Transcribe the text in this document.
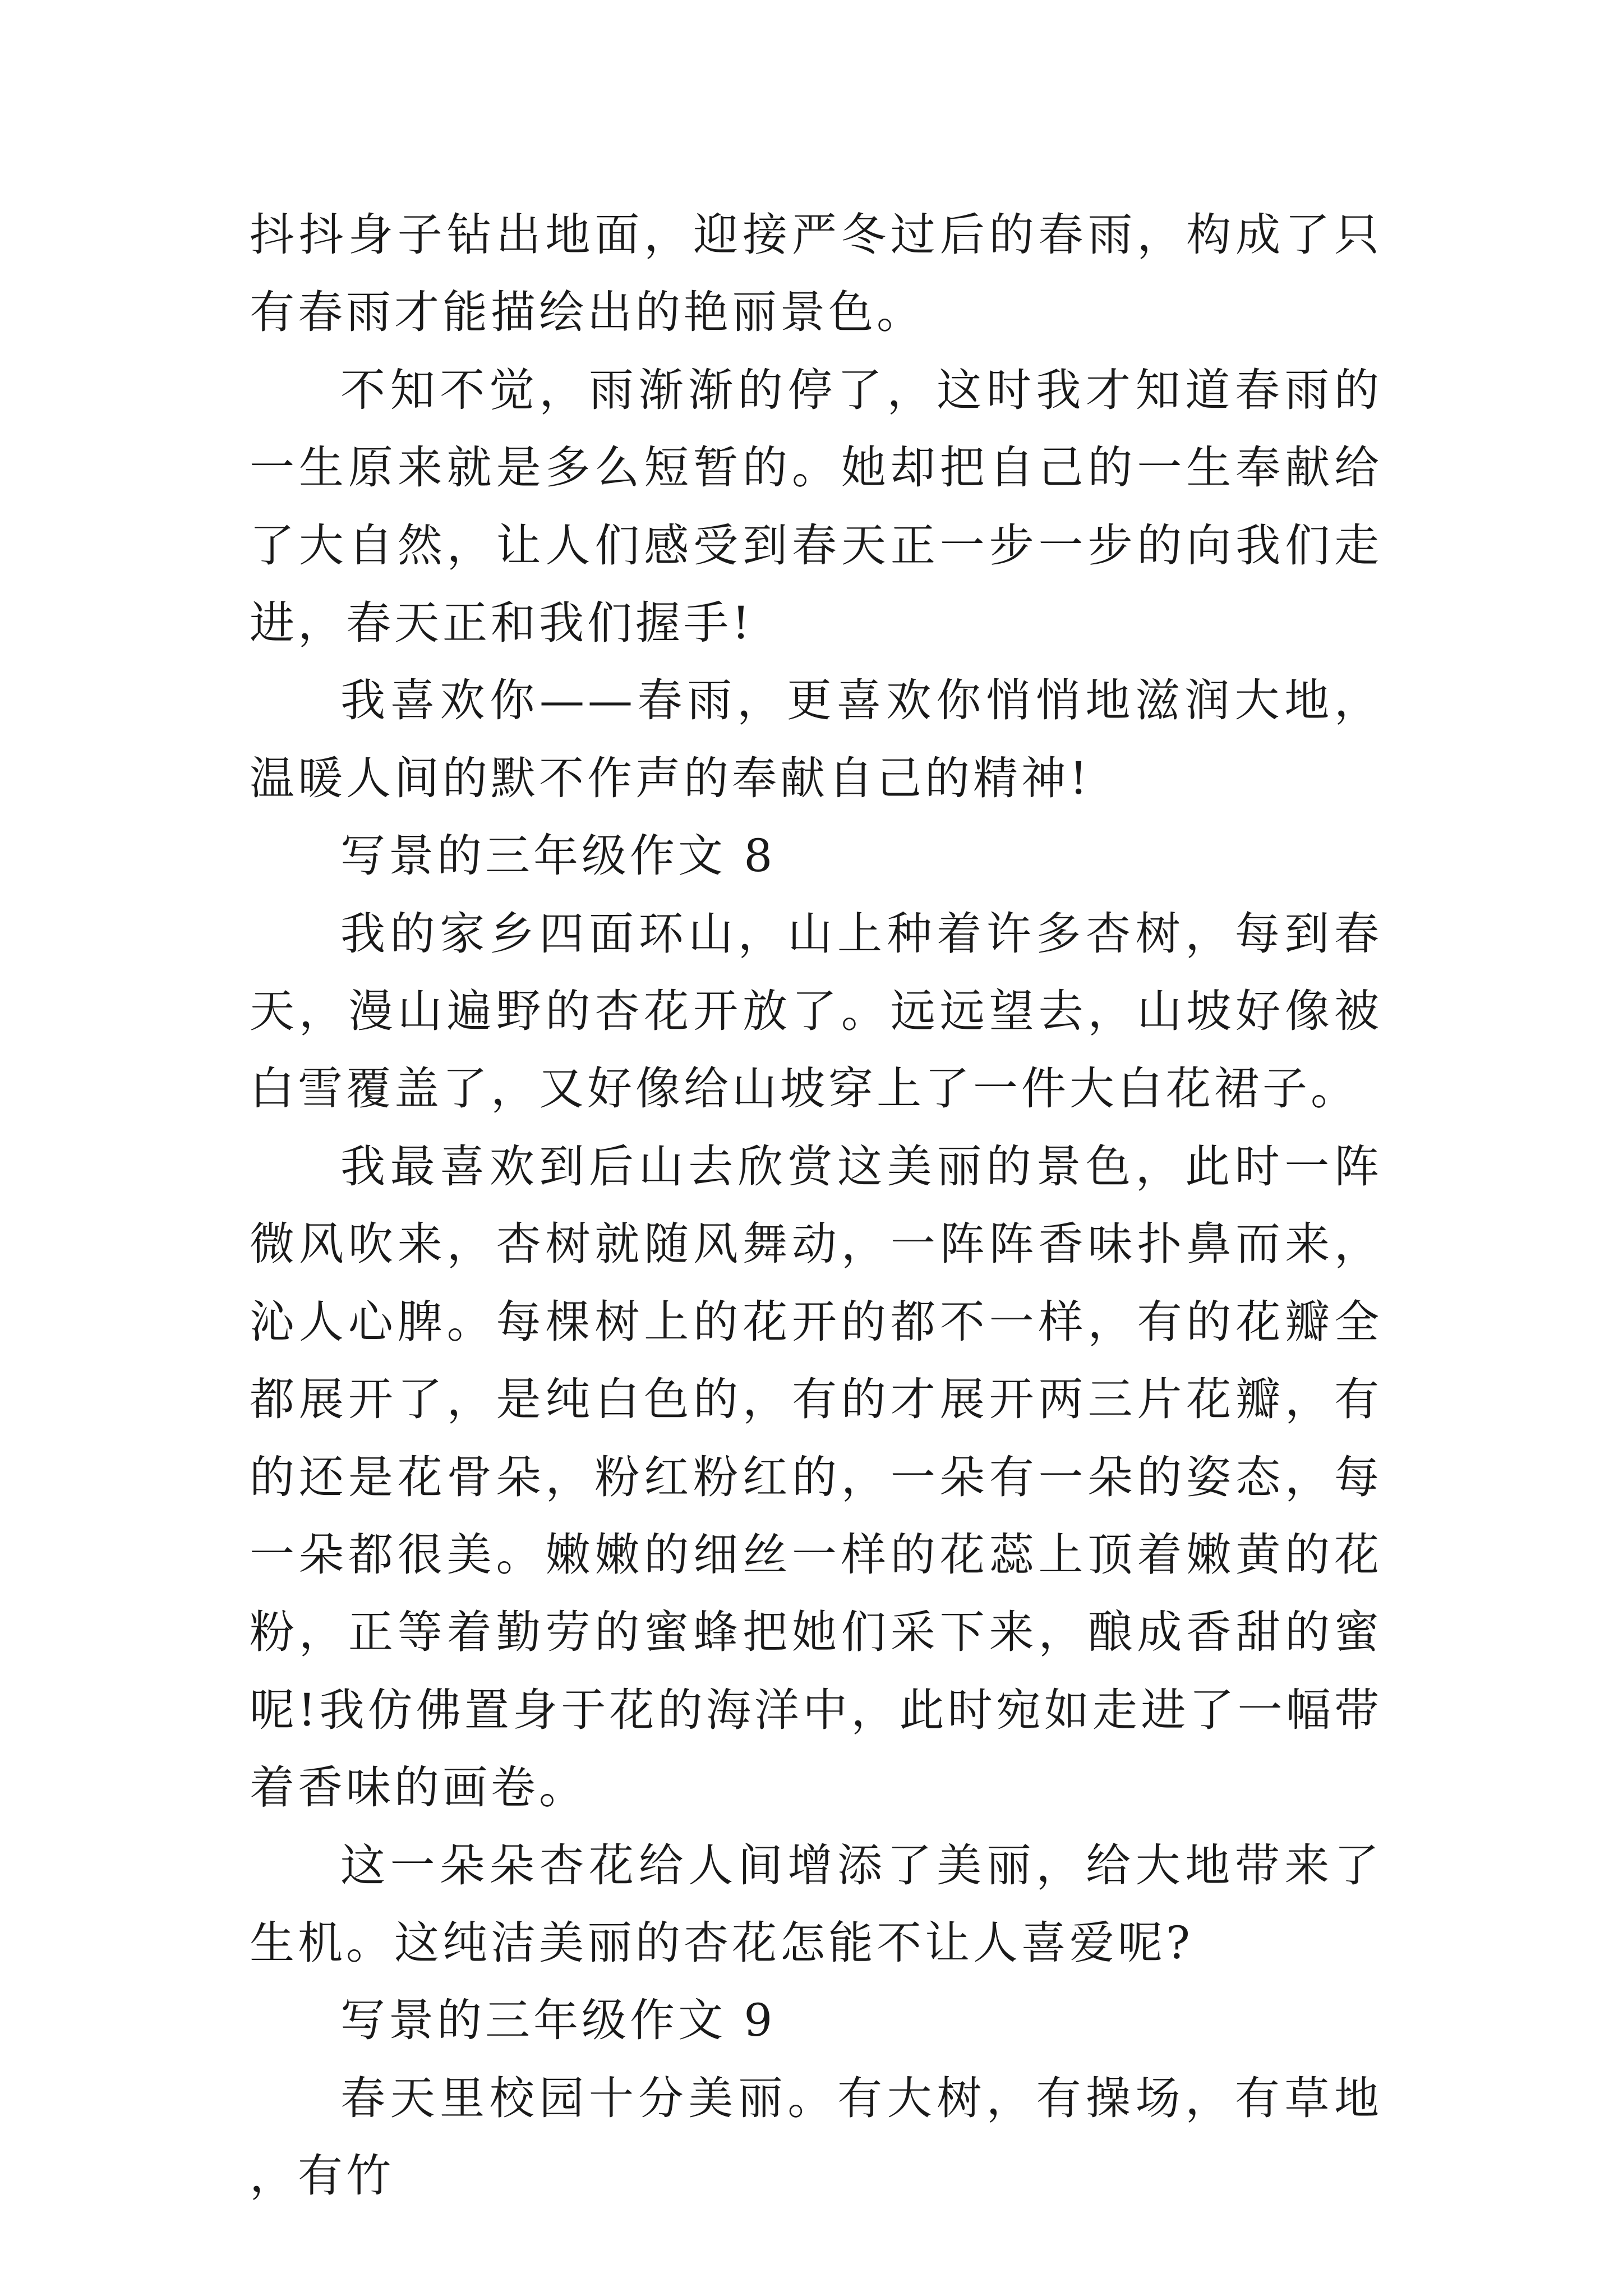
抖抖身子钻出地面，迎接严冬过后的春雨，构成了只有春雨才能描绘出的艳丽景色。

不知不觉，雨渐渐的停了，这时我才知道春雨的一生原来就是多么短暂的。她却把自己的一生奉献给了大自然，让人们感受到春天正一步一步的向我们走进，春天正和我们握手!

我喜欢你——春雨，更喜欢你悄悄地滋润大地，温暖人间的默不作声的奉献自己的精神!

写景的三年级作文 8

我的家乡四面环山，山上种着许多杏树，每到春天，漫山遍野的杏花开放了。远远望去，山坡好像被白雪覆盖了，又好像给山坡穿上了一件大白花裙子。

我最喜欢到后山去欣赏这美丽的景色，此时一阵微风吹来，杏树就随风舞动，一阵阵香味扑鼻而来，沁人心脾。每棵树上的花开的都不一样，有的花瓣全都展开了，是纯白色的，有的才展开两三片花瓣，有的还是花骨朵，粉红粉红的，一朵有一朵的姿态，每一朵都很美。嫩嫩的细丝一样的花蕊上顶着嫩黄的花粉，正等着勤劳的蜜蜂把她们采下来，酿成香甜的蜜呢!我仿佛置身于花的海洋中，此时宛如走进了一幅带着香味的画卷。

这一朵朵杏花给人间增添了美丽，给大地带来了生机。这纯洁美丽的杏花怎能不让人喜爱呢?

写景的三年级作文 9

春天里校园十分美丽。有大树，有操场，有草地，有竹
